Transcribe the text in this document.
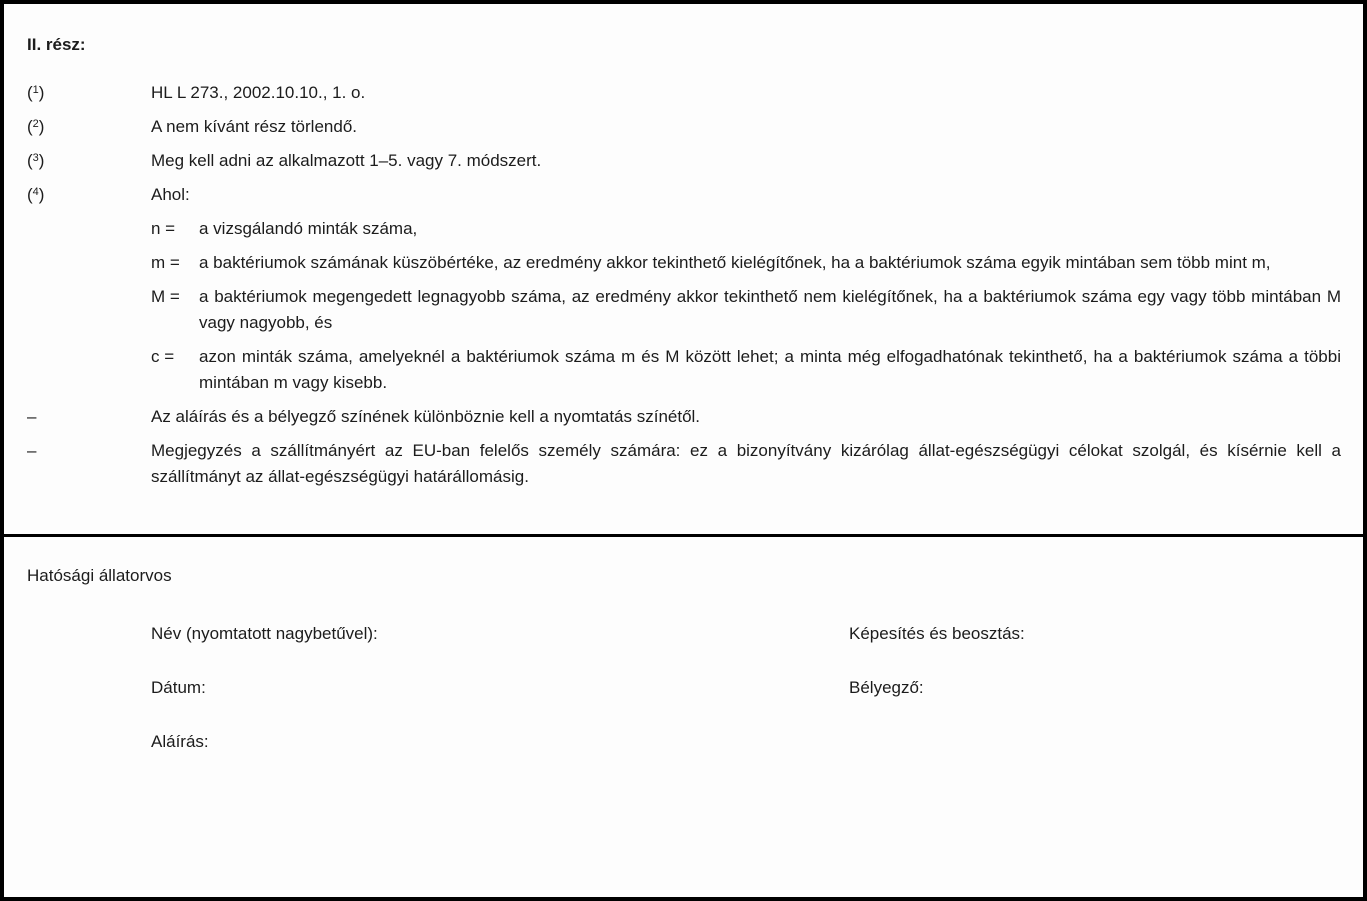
II. rész:
($^1$)	HL L 273., 2002.10.10., 1. o.
($^2$)	A nem kívánt rész törlendő.
($^3$)	Meg kell adni az alkalmazott 1–5. vagy 7. módszert.
($^4$)	Ahol:
n =	a vizsgálandó minták száma,
m =	a baktériumok számának küszöbértéke, az eredmény akkor tekinthető kielégítőnek, ha a baktériumok száma egyik mintában sem több mint m,
M =	a baktériumok megengedett legnagyobb száma, az eredmény akkor tekinthető nem kielégítőnek, ha a baktériumok száma egy vagy több mintában M vagy nagyobb, és
c =	azon minták száma, amelyeknél a baktériumok száma m és M között lehet; a minta még elfogadhatónak tekinthető, ha a baktériumok száma a többi mintában m vagy kisebb.
–	Az aláírás és a bélyegző színének különböznie kell a nyomtatás színétől.
–	Megjegyzés a szállítmányért az EU-ban felelős személy számára: ez a bizonyítvány kizárólag állat-egészségügyi célokat szolgál, és kísérnie kell a szállítmányt az állat-egészségügyi határállomásig.
Hatósági állatorvos
Név (nyomtatott nagybetűvel):	Képesítés és beosztás:
Dátum:	Bélyegző:
Aláírás:
